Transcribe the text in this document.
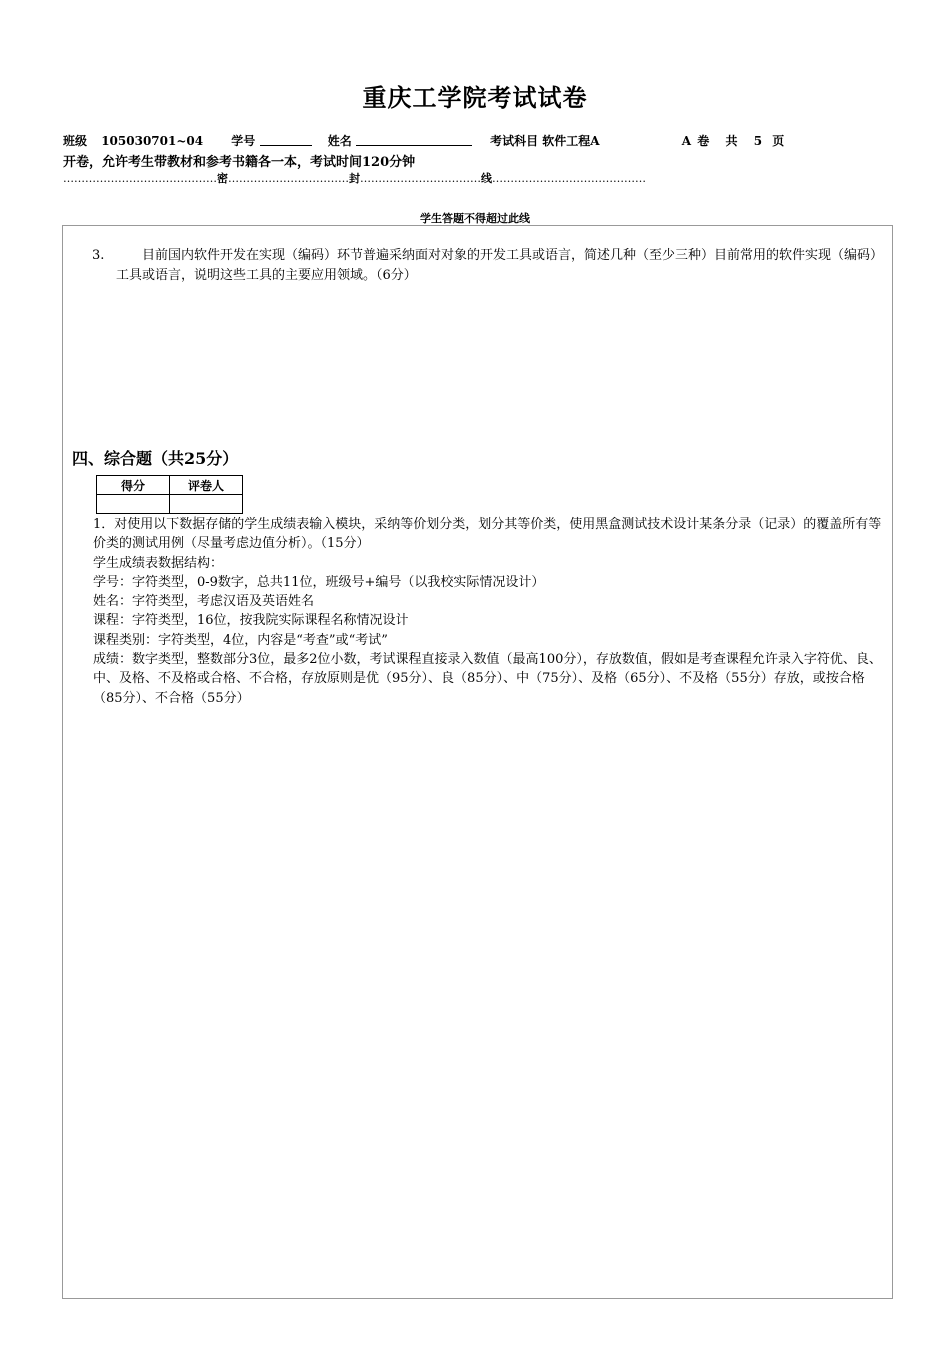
重庆工学院考试试卷
班级 105030701~04 学号	姓名	考试科目 软件工程A	A 卷 共 5 页
开卷，允许考生带教材和参考书籍各一本，考试时间120分钟
……………………………………密……………………………封……………………………线……………………………………
学生答题不得超过此线
3.	目前国内软件开发在实现（编码）环节普遍采纳面对对象的开发工具或语言，简述几种（至少三种）目前常用的软件实现（编码）工具或语言，说明这些工具的主要应用领域。（6分）
四、综合题（共25分）
得分	评卷人

1．对使用以下数据存储的学生成绩表输入模块，采纳等价划分类，划分其等价类，使用黑盒测试技术设计某条分录（记录）的覆盖所有等价类的测试用例（尽量考虑边值分析）。（15分）

学生成绩表数据结构：

学号：字符类型，0-9数字，总共11位，班级号+编号（以我校实际情况设计）

姓名：字符类型，考虑汉语及英语姓名

课程：字符类型，16位，按我院实际课程名称情况设计

课程类别：字符类型，4位，内容是“考查”或“考试”

成绩：数字类型，整数部分3位，最多2位小数，考试课程直接录入数值（最高100分），存放数值，假如是考查课程允许录入字符优、良、中、及格、不及格或合格、不合格，存放原则是优（95分）、良（85分）、中（75分）、及格（65分）、不及格（55分）存放，或按合格（85分）、不合格（55分）
